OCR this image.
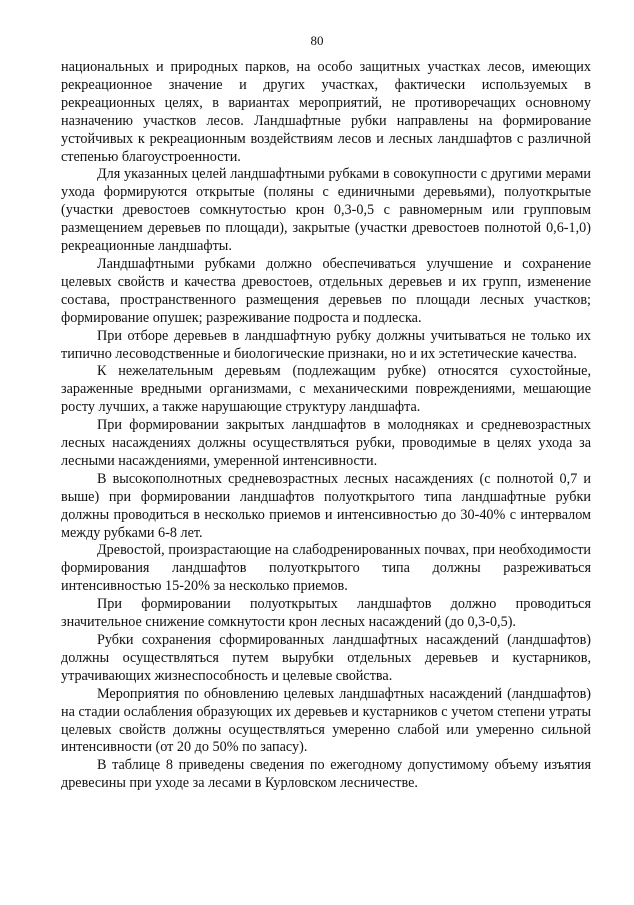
80

национальных и природных парков, на особо защитных участках лесов, имеющих рекреационное значение и других участках, фактически используемых в рекреационных целях, в вариантах мероприятий, не противоречащих основному назначению участков лесов. Ландшафтные рубки направлены на формирование устойчивых к рекреационным воздействиям лесов и лесных ландшафтов с различной степенью благоустроенности.

Для указанных целей ландшафтными рубками в совокупности с другими мерами ухода формируются открытые (поляны с единичными деревьями), полуоткрытые (участки древостоев сомкнутостью крон 0,3-0,5 с равномерным или групповым размещением деревьев по площади), закрытые (участки древостоев полнотой 0,6-1,0) рекреационные ландшафты.

Ландшафтными рубками должно обеспечиваться улучшение и сохранение целевых свойств и качества древостоев, отдельных деревьев и их групп, изменение состава, пространственного размещения деревьев по площади лесных участков; формирование опушек; разреживание подроста и подлеска.

При отборе деревьев в ландшафтную рубку должны учитываться не только их типично лесоводственные и биологические признаки, но и их эстетические качества.

К нежелательным деревьям (подлежащим рубке) относятся сухостойные, зараженные вредными организмами, с механическими повреждениями, мешающие росту лучших, а также нарушающие структуру ландшафта.

При формировании закрытых ландшафтов в молодняках и средневозрастных лесных насаждениях должны осуществляться рубки, проводимые в целях ухода за лесными насаждениями, умеренной интенсивности.

В высокополнотных средневозрастных лесных насаждениях (с полнотой 0,7 и выше) при формировании ландшафтов полуоткрытого типа ландшафтные рубки должны проводиться в несколько приемов и интенсивностью до 30-40% с интервалом между рубками 6-8 лет.

Древостой, произрастающие на слабодренированных почвах, при необходимости формирования ландшафтов полуоткрытого типа должны разреживаться интенсивностью 15-20% за несколько приемов.

При формировании полуоткрытых ландшафтов должно проводиться значительное снижение сомкнутости крон лесных насаждений (до 0,3-0,5).

Рубки сохранения сформированных ландшафтных насаждений (ландшафтов) должны осуществляться путем вырубки отдельных деревьев и кустарников, утрачивающих жизнеспособность и целевые свойства.

Мероприятия по обновлению целевых ландшафтных насаждений (ландшафтов) на стадии ослабления образующих их деревьев и кустарников с учетом степени утраты целевых свойств должны осуществляться умеренно слабой или умеренно сильной интенсивности (от 20 до 50% по запасу).

В таблице 8 приведены сведения по ежегодному допустимому объему изъятия древесины при уходе за лесами в Курловском лесничестве.
